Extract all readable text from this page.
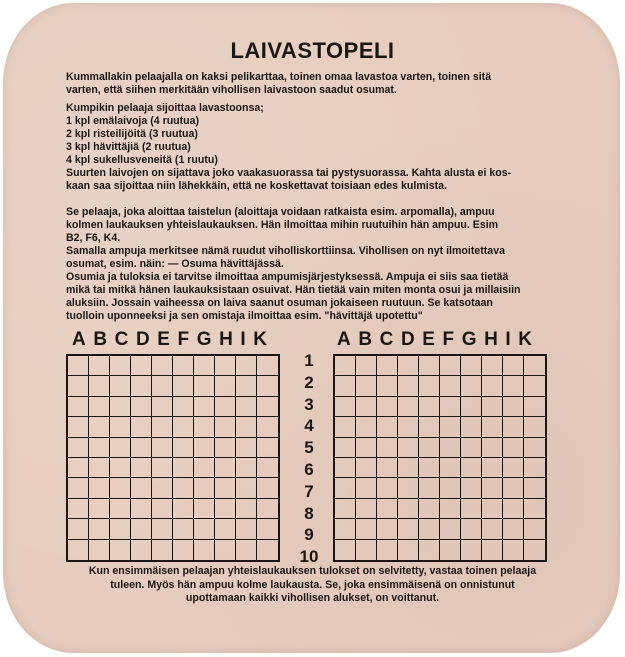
LAIVASTOPELI
Kummallakin pelaajalla on kaksi pelikarttaa, toinen omaa lavastoa varten, toinen sitä
varten, että siihen merkitään vihollisen laivastoon saadut osumat.
Kumpikin pelaaja sijoittaa lavastoonsa;
1 kpl emälaivoja (4 ruutua)
2 kpl risteilijöitä (3 ruutua)
3 kpl hävittäjiä (2 ruutua)
4 kpl sukellusveneitä (1 ruutu)
Suurten laivojen on sijattava joko vaakasuorassa tai pystysuorassa. Kahta alusta ei kos-
kaan saa sijoittaa niin lähekkäin, että ne koskettavat toisiaan edes kulmista.
Se pelaaja, joka aloittaa taistelun (aloittaja voidaan ratkaista esim. arpomalla), ampuu
kolmen laukauksen yhteislaukauksen. Hän ilmoittaa mihin ruutuihin hän ampuu. Esim
B2, F6, K4.
Samalla ampuja merkitsee nämä ruudut viholliskorttiinsa. Vihollisen on nyt ilmoitettava
osumat, esim. näin: — Osuma hävittäjässä.
Osumia ja tuloksia ei tarvitse ilmoittaa ampumisjärjestyksessä. Ampuja ei siis saa tietää
mikä tai mitkä hänen laukauksistaan osuivat. Hän tietää vain miten monta osui ja millaisiin
aluksiin. Jossain vaiheessa on laiva saanut osuman jokaiseen ruutuun. Se katsotaan
tuolloin uponneeksi ja sen omistaja ilmoittaa esim. "hävittäjä upotettu"
A B C D E F G H I K	A B C D E F G H I K
1
2
3
4
5
6
7
8
9
10
Kun ensimmäisen pelaajan yhteislaukauksen tulokset on selvitetty, vastaa toinen pelaaja
tuleen. Myös hän ampuu kolme laukausta. Se, joka ensimmäisenä on onnistunut
upottamaan kaikki vihollisen alukset, on voittanut.
